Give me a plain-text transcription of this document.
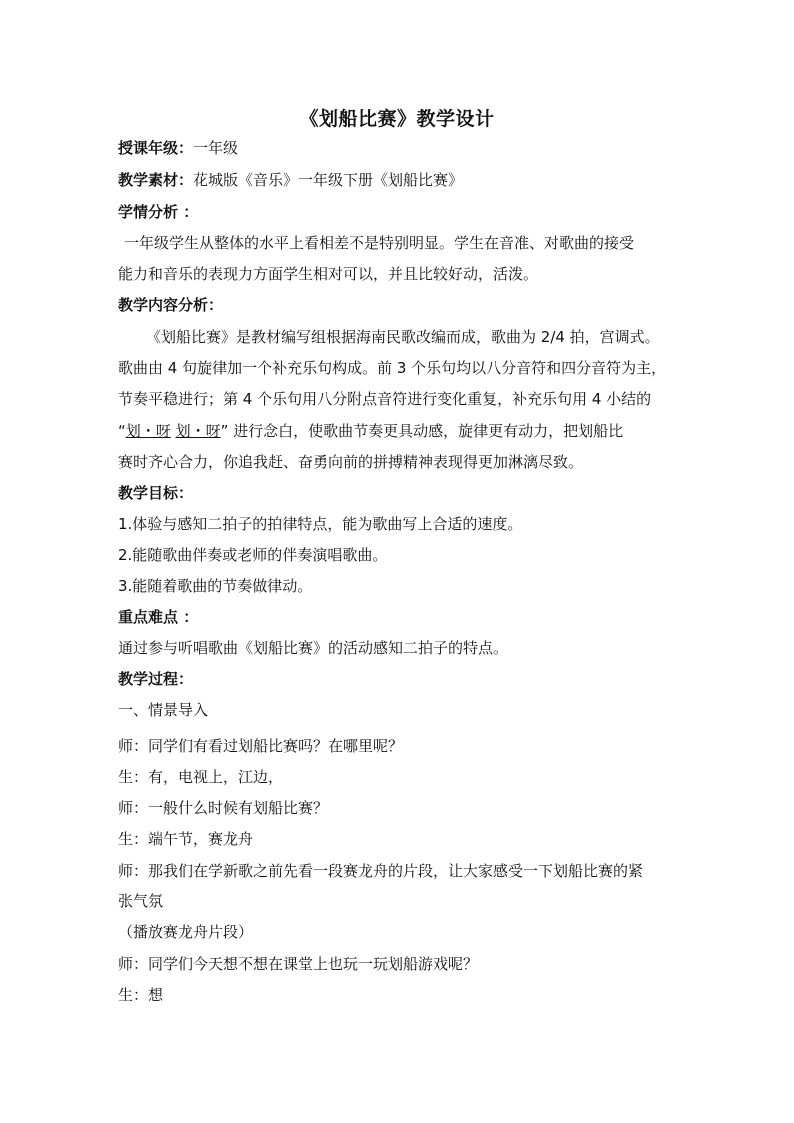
《划船比赛》教学设计
授课年级：一年级
教学素材：花城版《音乐》一年级下册《划船比赛》
学情分析 ：
一年级学生从整体的水平上看相差不是特别明显。学生在音准、对歌曲的接受
能力和音乐的表现力方面学生相对可以，并且比较好动，活泼。
教学内容分析：
《划船比赛》是教材编写组根据海南民歌改编而成，歌曲为 2/4 拍，宫调式。
歌曲由 4 句旋律加一个补充乐句构成。前 3 个乐句均以八分音符和四分音符为主，
节奏平稳进行；第 4 个乐句用八分附点音符进行变化重复，补充乐句用 4 小结的
“划・呀 划・呀” 进行念白，使歌曲节奏更具动感，旋律更有动力，把划船比
赛时齐心合力，你追我赶、奋勇向前的拼搏精神表现得更加淋漓尽致。
教学目标：
1.体验与感知二拍子的拍律特点，能为歌曲写上合适的速度。
2.能随歌曲伴奏或老师的伴奏演唱歌曲。
3.能随着歌曲的节奏做律动。
重点难点 ：
通过参与听唱歌曲《划船比赛》的活动感知二拍子的特点。
教学过程：
一、情景导入
师：同学们有看过划船比赛吗？在哪里呢？
生：有，电视上，江边，
师：一般什么时候有划船比赛？
生：端午节，赛龙舟
师：那我们在学新歌之前先看一段赛龙舟的片段，让大家感受一下划船比赛的紧
张气氛
（播放赛龙舟片段）
师：同学们今天想不想在课堂上也玩一玩划船游戏呢？
生：想
